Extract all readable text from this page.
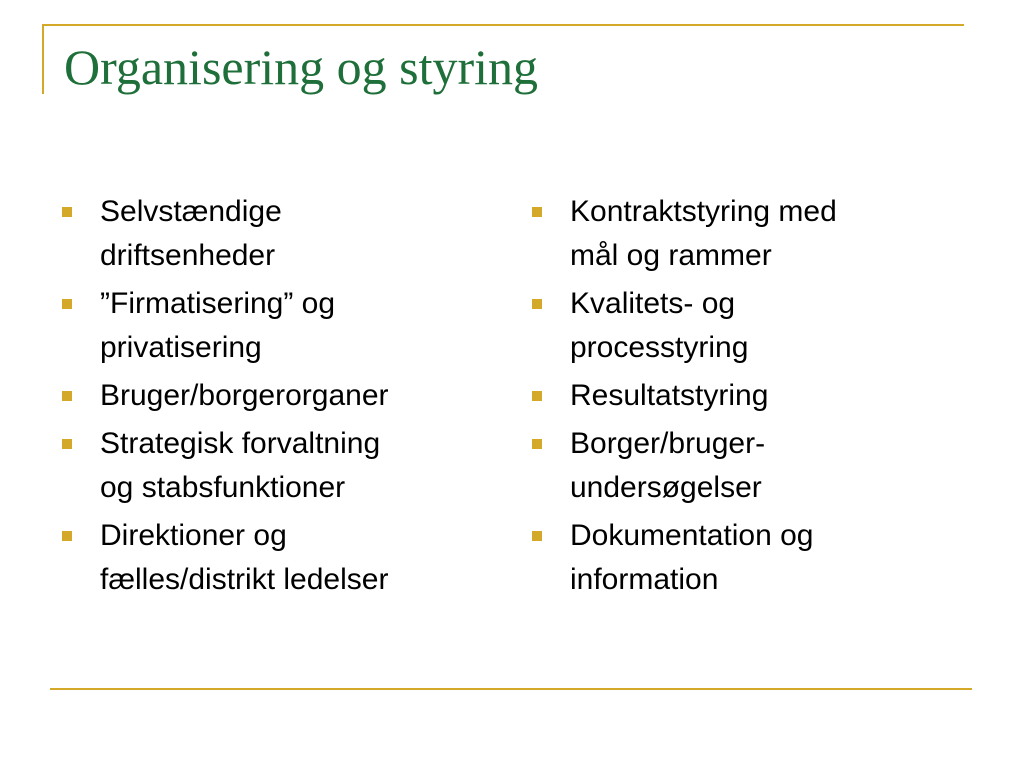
Organisering og styring
Selvstændige
driftsenheder
”Firmatisering” og
privatisering
Bruger/borgerorganer
Strategisk forvaltning
og stabsfunktioner
Direktioner og
fælles/distrikt ledelser
Kontraktstyring med
mål og rammer
Kvalitets- og
processtyring
Resultatstyring
Borger/bruger-
undersøgelser
Dokumentation og
information
